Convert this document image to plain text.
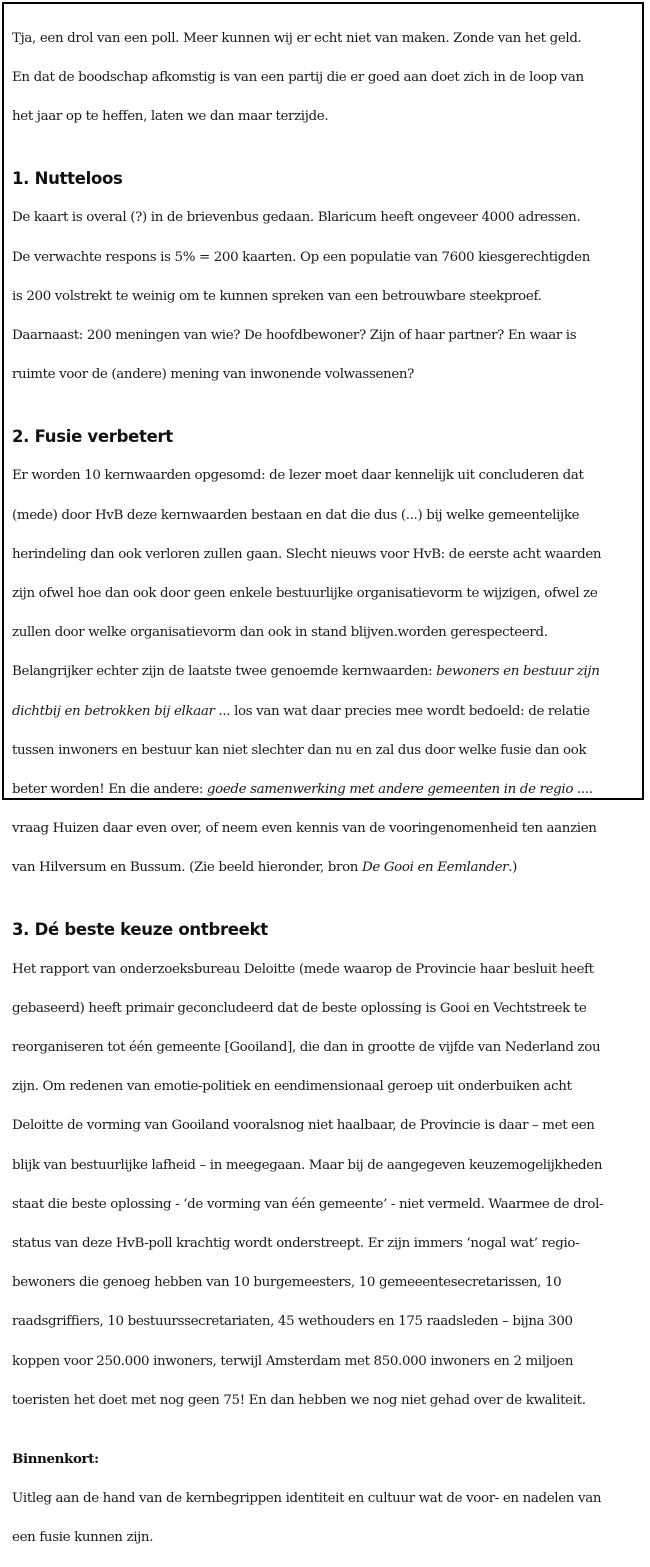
Tja, een drol van een poll. Meer kunnen wij er echt niet van maken. Zonde van het geld.

En dat de boodschap afkomstig is van een partij die er goed aan doet zich in de loop van

het jaar op te heffen, laten we dan maar terzijde.

1. Nutteloos

De kaart is overal (?) in de brievenbus gedaan. Blaricum heeft ongeveer 4000 adressen.

De verwachte respons is 5% = 200 kaarten. Op een populatie van 7600 kiesgerechtigden

is 200 volstrekt te weinig om te kunnen spreken van een betrouwbare steekproef.

Daarnaast: 200 meningen van wie? De hoofdbewoner? Zijn of haar partner? En waar is

ruimte voor de (andere) mening van inwonende volwassenen?

2. Fusie verbetert

Er worden 10 kernwaarden opgesomd: de lezer moet daar kennelijk uit concluderen dat

(mede) door HvB deze kernwaarden bestaan en dat die dus (...) bij welke gemeentelijke

herindeling dan ook verloren zullen gaan. Slecht nieuws voor HvB: de eerste acht waarden

zijn ofwel hoe dan ook door geen enkele bestuurlijke organisatievorm te wijzigen, ofwel ze

zullen door welke organisatievorm dan ook in stand blijven.worden gerespecteerd.

Belangrijker echter zijn de laatste twee genoemde kernwaarden: bewoners en bestuur zijn

dichtbij en betrokken bij elkaar ... los van wat daar precies mee wordt bedoeld: de relatie

tussen inwoners en bestuur kan niet slechter dan nu en zal dus door welke fusie dan ook

beter worden! En die andere: goede samenwerking met andere gemeenten in de regio ....

vraag Huizen daar even over, of neem even kennis van de vooringenomenheid ten aanzien

van Hilversum en Bussum. (Zie beeld hieronder, bron De Gooi en Eemlander.)

3. Dé beste keuze ontbreekt

Het rapport van onderzoeksbureau Deloitte (mede waarop de Provincie haar besluit heeft

gebaseerd) heeft primair geconcludeerd dat de beste oplossing is Gooi en Vechtstreek te

reorganiseren tot één gemeente [Gooiland], die dan in grootte de vijfde van Nederland zou

zijn. Om redenen van emotie-politiek en eendimensionaal geroep uit onderbuiken acht

Deloitte de vorming van Gooiland vooralsnog niet haalbaar, de Provincie is daar – met een

blijk van bestuurlijke lafheid – in meegegaan. Maar bij de aangegeven keuzemogelijkheden

staat die beste oplossing - ‘de vorming van één gemeente’ - niet vermeld. Waarmee de drol-

status van deze HvB-poll krachtig wordt onderstreept. Er zijn immers ‘nogal wat’ regio-

bewoners die genoeg hebben van 10 burgemeesters, 10 gemeeentesecretarissen, 10

raadsgriffiers, 10 bestuurssecretariaten, 45 wethouders en 175 raadsleden – bijna 300

koppen voor 250.000 inwoners, terwijl Amsterdam met 850.000 inwoners en 2 miljoen

toeristen het doet met nog geen 75! En dan hebben we nog niet gehad over de kwaliteit.

Binnenkort:

Uitleg aan de hand van de kernbegrippen identiteit en cultuur wat de voor- en nadelen van

een fusie kunnen zijn.
